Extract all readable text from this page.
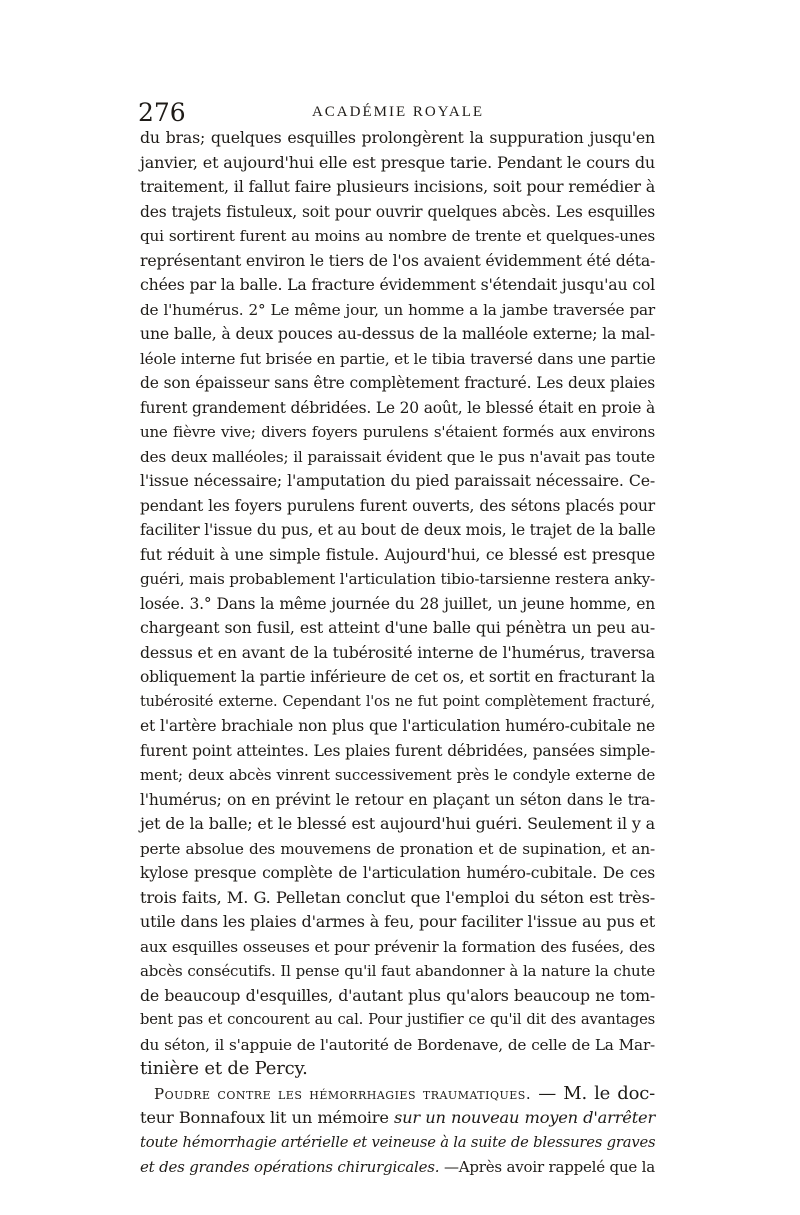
276	ACADÉMIE ROYALE
du bras; quelques esquilles prolongèrent la suppuration jusqu'en
janvier, et aujourd'hui elle est presque tarie. Pendant le cours du
traitement, il fallut faire plusieurs incisions, soit pour remédier à
des trajets fistuleux, soit pour ouvrir quelques abcès. Les esquilles
qui sortirent furent au moins au nombre de trente et quelques-unes
représentant environ le tiers de l'os avaient évidemment été déta-
chées par la balle. La fracture évidemment s'étendait jusqu'au col
de l'humérus. 2° Le même jour, un homme a la jambe traversée par
une balle, à deux pouces au-dessus de la malléole externe; la mal-
léole interne fut brisée en partie, et le tibia traversé dans une partie
de son épaisseur sans être complètement fracturé. Les deux plaies
furent grandement débridées. Le 20 août, le blessé était en proie à
une fièvre vive; divers foyers purulens s'étaient formés aux environs
des deux malléoles; il paraissait évident que le pus n'avait pas toute
l'issue nécessaire; l'amputation du pied paraissait nécessaire. Ce-
pendant les foyers purulens furent ouverts, des sétons placés pour
faciliter l'issue du pus, et au bout de deux mois, le trajet de la balle
fut réduit à une simple fistule. Aujourd'hui, ce blessé est presque
guéri, mais probablement l'articulation tibio-tarsienne restera anky-
losée. 3.° Dans la même journée du 28 juillet, un jeune homme, en
chargeant son fusil, est atteint d'une balle qui pénètra un peu au-
dessus et en avant de la tubérosité interne de l'humérus, traversa
obliquement la partie inférieure de cet os, et sortit en fracturant la
tubérosité externe. Cependant l'os ne fut point complètement fracturé,
et l'artère brachiale non plus que l'articulation huméro-cubitale ne
furent point atteintes. Les plaies furent débridées, pansées simple-
ment; deux abcès vinrent successivement près le condyle externe de
l'humérus; on en prévint le retour en plaçant un séton dans le tra-
jet de la balle; et le blessé est aujourd'hui guéri. Seulement il y a
perte absolue des mouvemens de pronation et de supination, et an-
kylose presque complète de l'articulation huméro-cubitale. De ces
trois faits, M. G. Pelletan conclut que l'emploi du séton est très-
utile dans les plaies d'armes à feu, pour faciliter l'issue au pus et
aux esquilles osseuses et pour prévenir la formation des fusées, des
abcès consécutifs. Il pense qu'il faut abandonner à la nature la chute
de beaucoup d'esquilles, d'autant plus qu'alors beaucoup ne tom-
bent pas et concourent au cal. Pour justifier ce qu'il dit des avantages
du séton, il s'appuie de l'autorité de Bordenave, de celle de La Mar-
tinière et de Percy.
Poudre contre les hémorrhagies traumatiques. — M. le doc-
teur Bonnafoux lit un mémoire sur un nouveau moyen d'arrêter
toute hémorrhagie artérielle et veineuse à la suite de blessures graves
et des grandes opérations chirurgicales. —Après avoir rappelé que la
